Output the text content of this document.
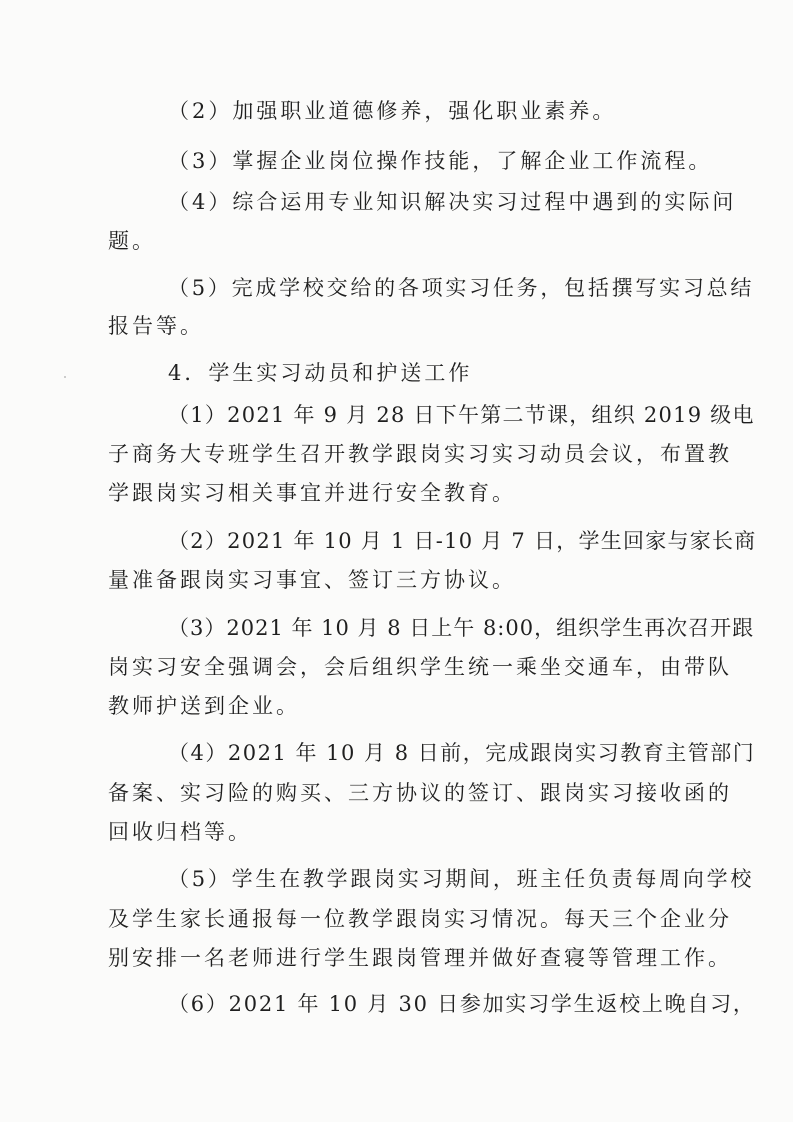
（2）加强职业道德修养，强化职业素养。
（3）掌握企业岗位操作技能，了解企业工作流程。
（4）综合运用专业知识解决实习过程中遇到的实际问
题。
（5）完成学校交给的各项实习任务，包括撰写实习总结
报告等。
4．学生实习动员和护送工作
（1）2021 年 9 月 28 日下午第二节课，组织 2019 级电
子商务大专班学生召开教学跟岗实习实习动员会议，布置教
学跟岗实习相关事宜并进行安全教育。
（2）2021 年 10 月 1 日-10 月 7 日，学生回家与家长商
量准备跟岗实习事宜、签订三方协议。
（3）2021 年 10 月 8 日上午 8:00，组织学生再次召开跟
岗实习安全强调会，会后组织学生统一乘坐交通车，由带队
教师护送到企业。
（4）2021 年 10 月 8 日前，完成跟岗实习教育主管部门
备案、实习险的购买、三方协议的签订、跟岗实习接收函的
回收归档等。
（5）学生在教学跟岗实习期间，班主任负责每周向学校
及学生家长通报每一位教学跟岗实习情况。每天三个企业分
别安排一名老师进行学生跟岗管理并做好查寝等管理工作。
（6）2021 年 10 月 30 日参加实习学生返校上晚自习，
